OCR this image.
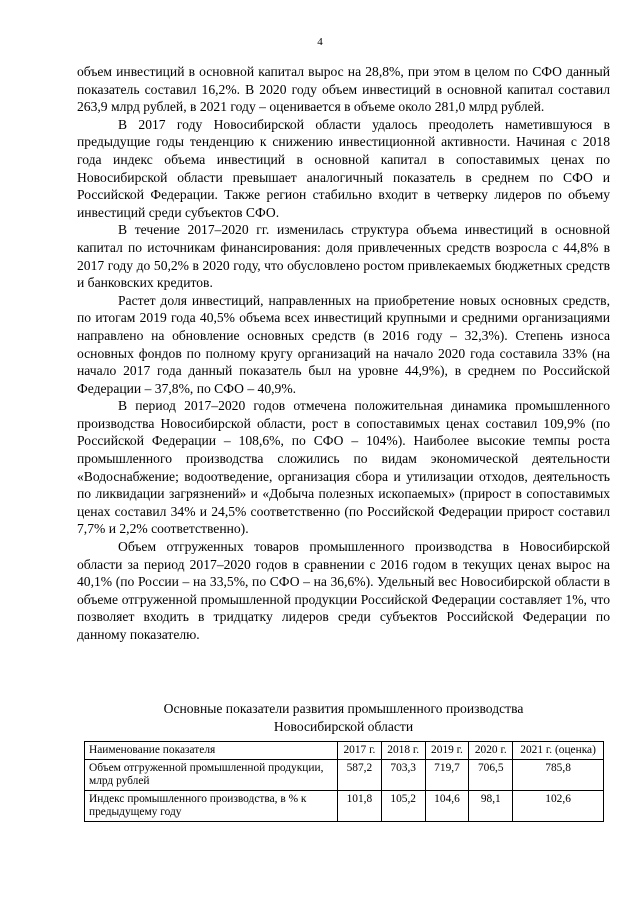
4

объем инвестиций в основной капитал вырос на 28,8%, при этом в целом по СФО данный показатель составил 16,2%. В 2020 году объем инвестиций в основной капитал составил 263,9 млрд рублей, в 2021 году – оценивается в объеме около 281,0 млрд рублей.

В 2017 году Новосибирской области удалось преодолеть наметившуюся в предыдущие годы тенденцию к снижению инвестиционной активности. Начиная с 2018 года индекс объема инвестиций в основной капитал в сопоставимых ценах по Новосибирской области превышает аналогичный показатель в среднем по СФО и Российской Федерации. Также регион стабильно входит в четверку лидеров по объему инвестиций среди субъектов СФО.

В течение 2017–2020 гг. изменилась структура объема инвестиций в основной капитал по источникам финансирования: доля привлеченных средств возросла с 44,8% в 2017 году до 50,2% в 2020 году, что обусловлено ростом привлекаемых бюджетных средств и банковских кредитов.

Растет доля инвестиций, направленных на приобретение новых основных средств, по итогам 2019 года 40,5% объема всех инвестиций крупными и средними организациями направлено на обновление основных средств (в 2016 году – 32,3%). Степень износа основных фондов по полному кругу организаций на начало 2020 года составила 33% (на начало 2017 года данный показатель был на уровне 44,9%), в среднем по Российской Федерации – 37,8%, по СФО – 40,9%.

В период 2017–2020 годов отмечена положительная динамика промышленного производства Новосибирской области, рост в сопоставимых ценах составил 109,9% (по Российской Федерации – 108,6%, по СФО – 104%). Наиболее высокие темпы роста промышленного производства сложились по видам экономической деятельности «Водоснабжение; водоотведение, организация сбора и утилизации отходов, деятельность по ликвидации загрязнений» и «Добыча полезных ископаемых» (прирост в сопоставимых ценах составил 34% и 24,5% соответственно (по Российской Федерации прирост составил 7,7% и 2,2% соответственно).

Объем отгруженных товаров промышленного производства в Новосибирской области за период 2017–2020 годов в сравнении с 2016 годом в текущих ценах вырос на 40,1% (по России – на 33,5%, по СФО – на 36,6%). Удельный вес Новосибирской области в объеме отгруженной промышленной продукции Российской Федерации составляет 1%, что позволяет входить в тридцатку лидеров среди субъектов Российской Федерации по данному показателю.

Основные показатели развития промышленного производства
Новосибирской области
Наименование показателя	2017 г.	2018 г.	2019 г.	2020 г.	2021 г. (оценка)
Объем отгруженной промышленной продукции, млрд рублей	587,2	703,3	719,7	706,5	785,8
Индекс промышленного производства, в % к предыдущему году	101,8	105,2	104,6	98,1	102,6
